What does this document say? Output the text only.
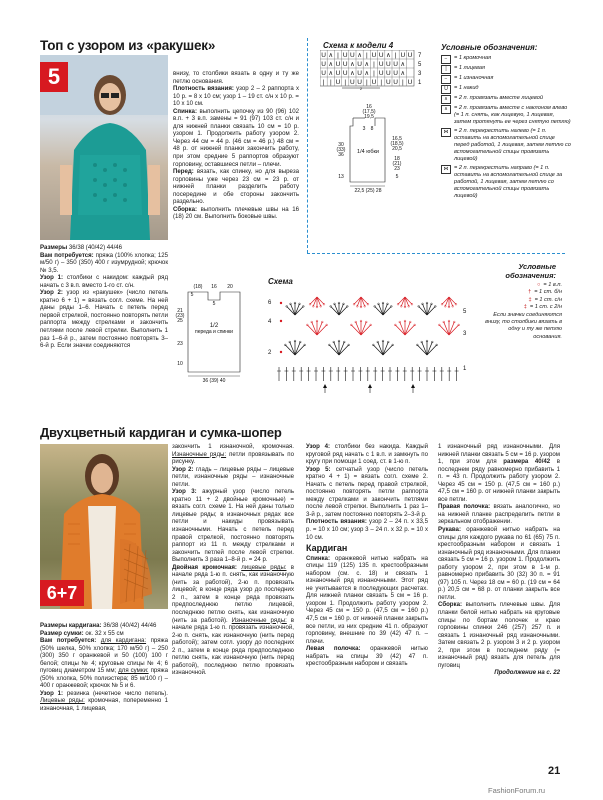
Топ с узором из «ракушек»
5

Размеры 36/38 (40/42) 44/46

Вам потребуется: пряжа (100% хлопка; 125 м/50 г) – 350 (350) 400 г изумрудной; крючок № 3,5.

Узор 1: столбики с накидом: каждый ряд начать с 3 в.п. вместо 1-го ст. с/н.

Узор 2: узор из «ракушек» (число петель кратно 6 + 1) = вязать согл. схеме. На ней даны ряды 1–6. Начать с петель перед первой стрелкой, постоянно повторять петли раппорта между стрелками и закончить петлями после левой стрелки. Выполнить 1 раз 1–6-й р., затем постоянно повторять 3–6-й р. Если значки соединяются

внизу, то столбики вязать в одну и ту же петлю основания.

Плотность вязания: узор 2 – 2 раппорта х 10 р. = 8 х 10 см; узор 1 – 19 ст. с/н х 10 р. = 10 х 10 см.

Спинка: выполнить цепочку из 90 (96) 102 в.п. + 3 в.п. замены = 91 (97) 103 ст. с/н и для нижней планки связать 10 см = 10 р. узором 1. Продолжить работу узором 2. Через 44 см = 44 р. (46 см = 46 р.) 48 см = 48 р. от нижней планки закончить работу, при этом средние 5 раппортов образуют горловину, оставшиеся петли – плечи.

Перед: вязать, как спинку, но для выреза горловины уже через 23 см = 23 р. от нижней планки разделить работу посередине и обе стороны закончить раздельно.

Сборка: выполнить плечевые швы на 16 (18) 20 см. Выполнить боковые швы.

Схема к модели 4
U ∧ | U U ∧ | U U ∧ | U U
U ∧ U U ∧ U ∧ | U U U ∧
U ∧ U U ∧ U ∧ | U U U ∧
| | U | U U | U | U U | U
7
5
3
1
2
16
(17,5)
19,5
3 8
30
(33)
36 1/4 юбки
16,5
(18,5)
20,5
18
(21)
23
13	5
22,5 (25) 28
Условные обозначения:
−	= 1 кромочная
|	= 1 лицевая
−	= 1 изнаночная
U	= 1 накид
∧	= 2 п. провязать вместе лицевой
∧	= 2 п. провязать вместе с наклоном влево (= 1 п. снять, как лицевую, 1 лицевая, затем протянуть ее через снятую петлю)
⋈ = 2 п. перекрестить налево (= 1 п. оставить на вспомогательной спице перед работой, 1 лицевая, затем петлю со вспомогательной спицы провязать лицевой)
⋈ = 2 п. перекрестить направо (= 1 п. оставить на вспомогательной спице за работой, 1 лицевая, затем петлю со вспомогательной спицы провязать лицевой)
16
(18)	20
5
5
21
(23)
25
1/2
переда и спинки
23
10
36 (39) 40
Схема
6
4
2
5
3
1
Условные обозначения:
○ = 1 в.п.
† = 1 ст. б/н
‡ = 1 ст. с/н
‡ = 1 ст. с 2/н
Если значки соединяются внизу, то столбики вязать в одну и ту же петлю основания.
Двухцветный кардиган и сумка-шопер
6+7

Размеры кардигана: 36/38 (40/42) 44/46

Размер сумки: ок. 32 х 55 см

Вам потребуется: для кардигана: пряжа (50% шелка, 50% хлопка; 170 м/50 г) – 250 (300) 350 г оранжевой и 50 (100) 100 г белой; спицы № 4; круговые спицы № 4; 6 пуговиц диаметром 15 мм; для сумки: пряжа (50% хлопка, 50% полиэстера; 85 м/100 г) – 400 г оранжевой; крючок № 5 и 6.

Узор 1: резинка (нечетное число петель). Лицевые ряды: кромочная, попеременно 1 изнаночная, 1 лицевая,

закончить 1 изнаночной, кромочная. Изнаночные ряды: петли провязывать по рисунку.

Узор 2: гладь – лицевые ряды – лицевые петли, изнаночные ряды – изнаночные петли.

Узор 3: ажурный узор (число петель кратно 11 + 2 двойные кромочные) = вязать согл. схеме 1. На ней даны только лицевые ряды; в изнаночных рядах все петли и накиды провязывать изнаночными. Начать с петель перед правой стрелкой, постоянно повторять раппорт из 11 п. между стрелками и закончить петлей после левой стрелки. Выполнить 3 раза 1–8-й р. = 24 р.

Двойная кромочная: лицевые ряды: в начале ряда 1-ю п. снять, как изнаночную (нить за работой), 2-ю п. провязать лицевой; в конце ряда узор до последних 2 п., затем в конце ряда провязать предпоследнюю петлю лицевой, последнюю петлю снять, как изнаночную (нить за работой). Изнаночные ряды: в начале ряда 1-ю п. провязать изнаночной, 2-ю п. снять, как изнаночную (нить перед работой); затем сотл. узору до последних 2 п., затем в конце ряда предпоследнюю петлю снять, как изнаночную (нить перед работой), последнюю петлю провязать изнаночной.

Узор 4: столбики без накида. Каждый круговой ряд начать с 1 в.п. и замкнуть по кругу при помощи 1 соед. ст. в 1-ю п.

Узор 5: сетчатый узор (число петель кратно 4 + 1) = вязать согл. схеме 2. Начать с петель перед правой стрелкой, постоянно повторять петли раппорта между стрелками и закончить петлями после левой стрелки. Выполнить 1 раз 1–3-й р., затем постоянно повторять 2–3-й р.

Плотность вязания: узор 2 – 24 п. х 33,5 р. = 10 х 10 см; узор 3 – 24 п. х 32 р. = 10 х 10 см.

Кардиган

Спинка: оранжевой нитью набрать на спицы 119 (125) 135 п. крестообразным набором (см. с. 18) и связать 1 изнаночный ряд изнаночными. Этот ряд не учитывается в последующих расчетах. Для нижней планки связать 5 см = 16 р. узором 1. Продолжить работу узором 2. Через 45 см = 150 р. (47,5 см = 160 р.) 47,5 см = 160 р. от нижней планки закрыть все петли, из них средние 41 п. образуют горловину, внешние по 39 (42) 47 п. – плечи.

Левая полочка: оранжевой нитью набрать на спицы 39 (42) 47 п. крестообразным набором и связать

1 изнаночный ряд изнаночными. Для нижней планки связать 5 см = 16 р. узором 1, при этом для размера 40/42 в последнем ряду равномерно прибавить 1 п. = 43 п. Продолжить работу узором 2. Через 45 см = 150 р. (47,5 см = 160 р.) 47,5 см = 160 р. от нижней планки закрыть все петли.

Правая полочка: вязать аналогично, но на нижней планке распределить петли в зеркальном отображении.

Рукава: оранжевой нитью набрать на спицы для каждого рукава по 61 (65) 75 п. крестообразным набором и связать 1 изнаночный ряд изнаночными. Для планки связать 5 см = 16 р. узором 1. Продолжить работу узором 2, при этом в 1-м р. равномерно прибавить 30 (32) 30 п. = 91 (97) 105 п. Через 18 см = 60 р. (19 см = 64 р.) 20,5 см = 68 р. от планки закрыть все петли.

Сборка: выполнить плечевые швы. Для планки белой нитью набрать на круговые спицы по бортам полочек и краю горловины спинки 246 (257) 257 п. и связать 1 изнаночный ряд изнаночными. Затем связать 2 р. узором 3 и 2 р. узором 2, при этом в последнем ряду (= изнаночный ряд) вязать для петель для пуговиц

Продолжение на с. 22

21
FashionForum.ru
